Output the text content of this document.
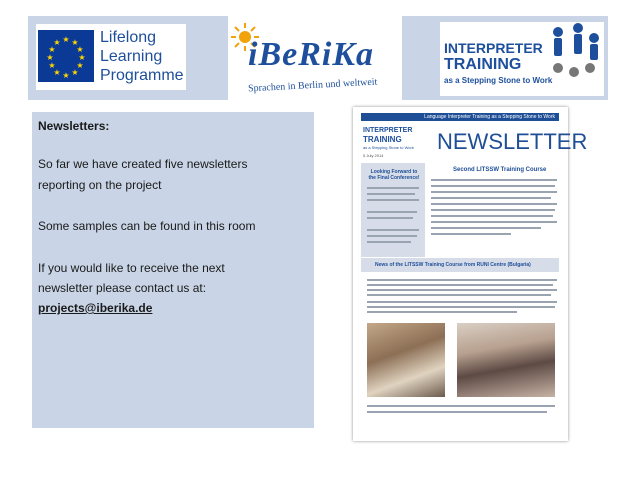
★ ★
★
★
★
★
★
★
★
★
★
★ Lifelong
Learning
Programme
iBeRiKa
Sprachen in Berlin und weltweit
INTERPRETER
TRAINING
as a Stepping Stone to Work

Newsletters:

So far we have created five newsletters

reporting on the project

Some samples can be found in this room

If you would like to receive the next

newsletter please contact us at:

projects@iberika.de

Language Interpreter Training as a Stepping Stone to Work
INTERPRETER
TRAINING
as a Stepping Stone to Work NEWSLETTER
5 July 2014
Looking Forward to the Final Conference!
Second LITSSW Training Course
News of the LITSSW Training Course from RUNI Centre (Bulgaria)
